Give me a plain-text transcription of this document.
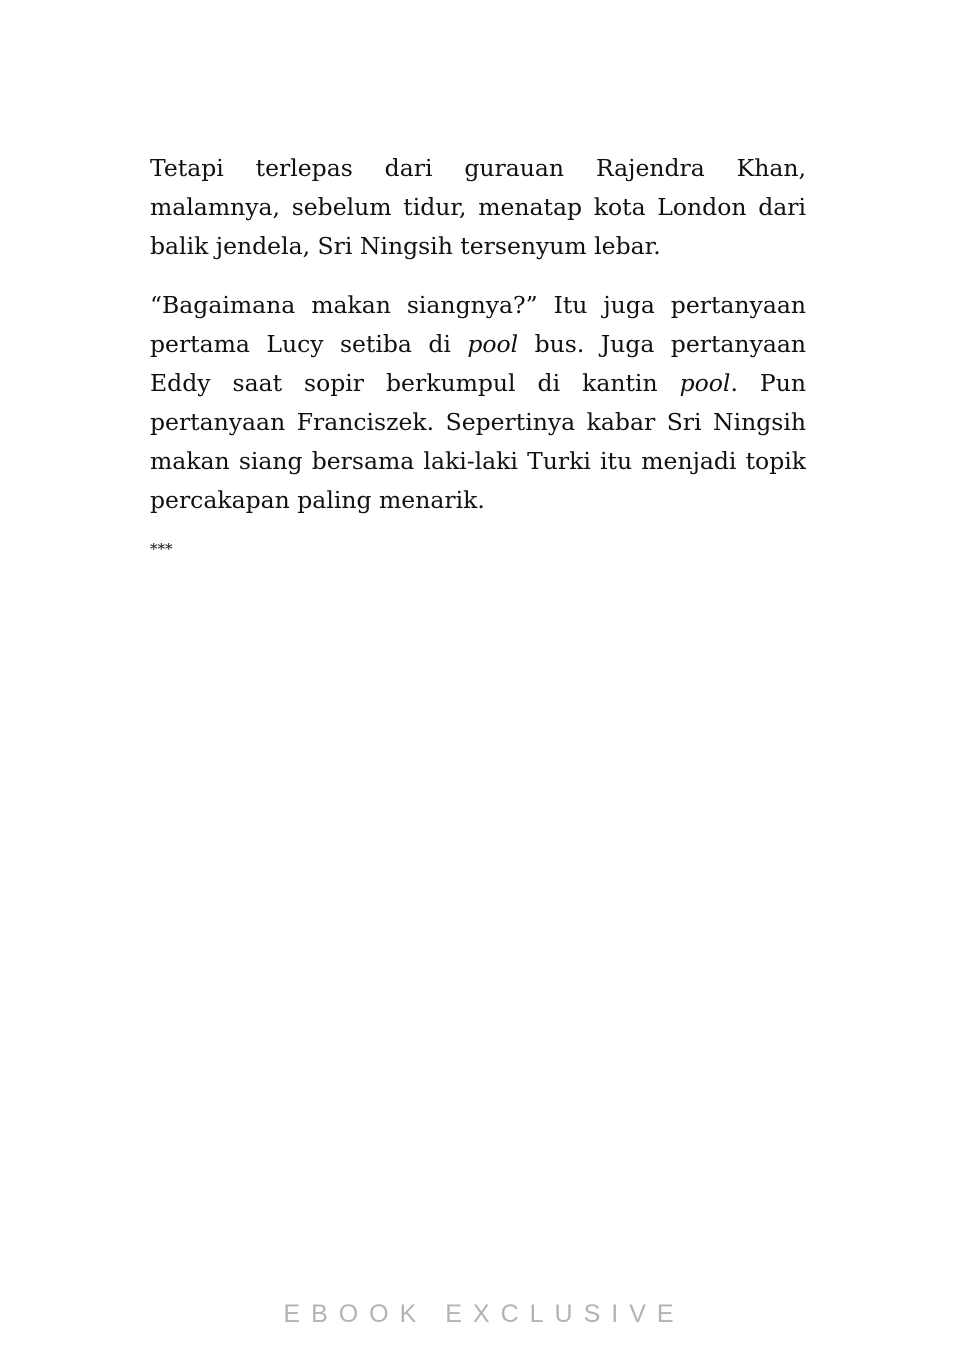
Tetapi terlepas dari gurauan Rajendra Khan, malamnya, sebelum tidur, menatap kota London dari balik jendela, Sri Ningsih tersenyum lebar.

“Bagaimana makan siangnya?” Itu juga pertanyaan pertama Lucy setiba di pool bus. Juga pertanyaan Eddy saat sopir berkumpul di kantin pool. Pun pertanyaan Franciszek. Sepertinya kabar Sri Ningsih makan siang bersama laki-laki Turki itu menjadi topik percakapan paling menarik.

***
EBOOK EXCLUSIVE
